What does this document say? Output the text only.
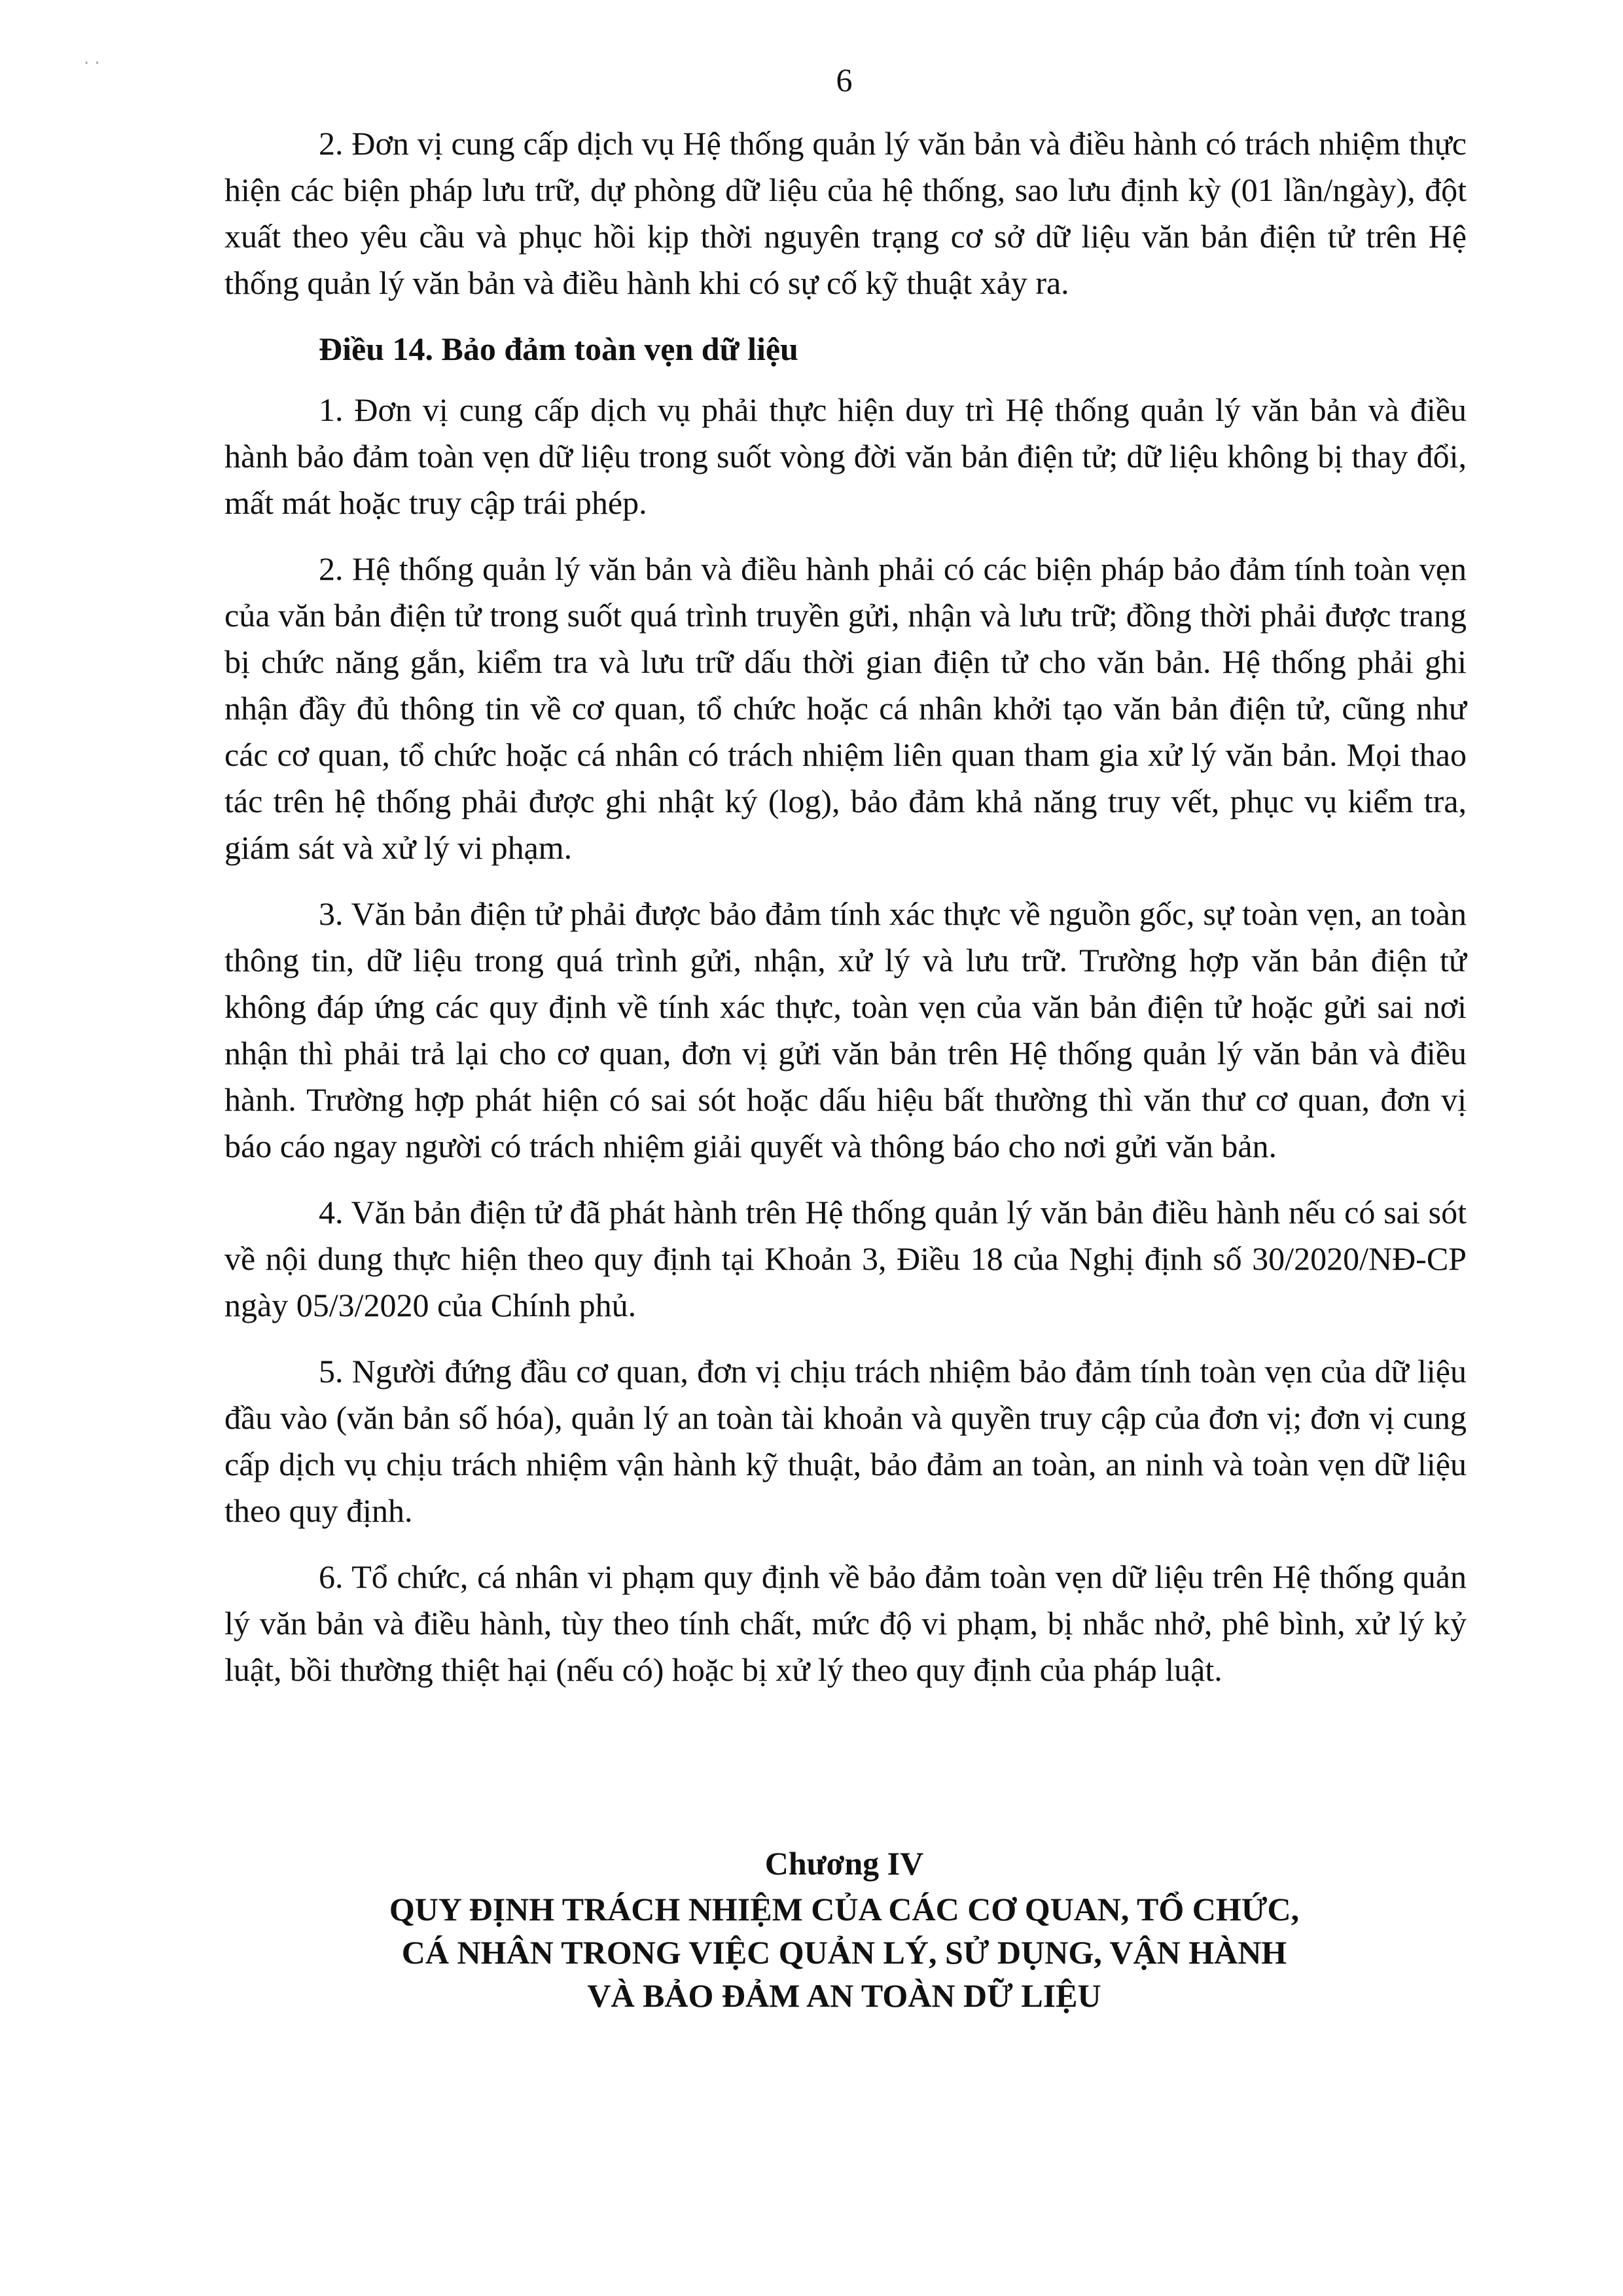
· ·	6

2. Đơn vị cung cấp dịch vụ Hệ thống quản lý văn bản và điều hành có trách nhiệm thực hiện các biện pháp lưu trữ, dự phòng dữ liệu của hệ thống, sao lưu định kỳ (01 lần/ngày), đột xuất theo yêu cầu và phục hồi kịp thời nguyên trạng cơ sở dữ liệu văn bản điện tử trên Hệ thống quản lý văn bản và điều hành khi có sự cố kỹ thuật xảy ra.

Điều 14. Bảo đảm toàn vẹn dữ liệu

1. Đơn vị cung cấp dịch vụ phải thực hiện duy trì Hệ thống quản lý văn bản và điều hành bảo đảm toàn vẹn dữ liệu trong suốt vòng đời văn bản điện tử; dữ liệu không bị thay đổi, mất mát hoặc truy cập trái phép.

2. Hệ thống quản lý văn bản và điều hành phải có các biện pháp bảo đảm tính toàn vẹn của văn bản điện tử trong suốt quá trình truyền gửi, nhận và lưu trữ; đồng thời phải được trang bị chức năng gắn, kiểm tra và lưu trữ dấu thời gian điện tử cho văn bản. Hệ thống phải ghi nhận đầy đủ thông tin về cơ quan, tổ chức hoặc cá nhân khởi tạo văn bản điện tử, cũng như các cơ quan, tổ chức hoặc cá nhân có trách nhiệm liên quan tham gia xử lý văn bản. Mọi thao tác trên hệ thống phải được ghi nhật ký (log), bảo đảm khả năng truy vết, phục vụ kiểm tra, giám sát và xử lý vi phạm.

3. Văn bản điện tử phải được bảo đảm tính xác thực về nguồn gốc, sự toàn vẹn, an toàn thông tin, dữ liệu trong quá trình gửi, nhận, xử lý và lưu trữ. Trường hợp văn bản điện tử không đáp ứng các quy định về tính xác thực, toàn vẹn của văn bản điện tử hoặc gửi sai nơi nhận thì phải trả lại cho cơ quan, đơn vị gửi văn bản trên Hệ thống quản lý văn bản và điều hành. Trường hợp phát hiện có sai sót hoặc dấu hiệu bất thường thì văn thư cơ quan, đơn vị báo cáo ngay người có trách nhiệm giải quyết và thông báo cho nơi gửi văn bản.

4. Văn bản điện tử đã phát hành trên Hệ thống quản lý văn bản điều hành nếu có sai sót về nội dung thực hiện theo quy định tại Khoản 3, Điều 18 của Nghị định số 30/2020/NĐ-CP ngày 05/3/2020 của Chính phủ.

5. Người đứng đầu cơ quan, đơn vị chịu trách nhiệm bảo đảm tính toàn vẹn của dữ liệu đầu vào (văn bản số hóa), quản lý an toàn tài khoản và quyền truy cập của đơn vị; đơn vị cung cấp dịch vụ chịu trách nhiệm vận hành kỹ thuật, bảo đảm an toàn, an ninh và toàn vẹn dữ liệu theo quy định.

6. Tổ chức, cá nhân vi phạm quy định về bảo đảm toàn vẹn dữ liệu trên Hệ thống quản lý văn bản và điều hành, tùy theo tính chất, mức độ vi phạm, bị nhắc nhở, phê bình, xử lý kỷ luật, bồi thường thiệt hại (nếu có) hoặc bị xử lý theo quy định của pháp luật.

Chương IV

QUY ĐỊNH TRÁCH NHIỆM CỦA CÁC CƠ QUAN, TỔ CHỨC,

CÁ NHÂN TRONG VIỆC QUẢN LÝ, SỬ DỤNG, VẬN HÀNH

VÀ BẢO ĐẢM AN TOÀN DỮ LIỆU
